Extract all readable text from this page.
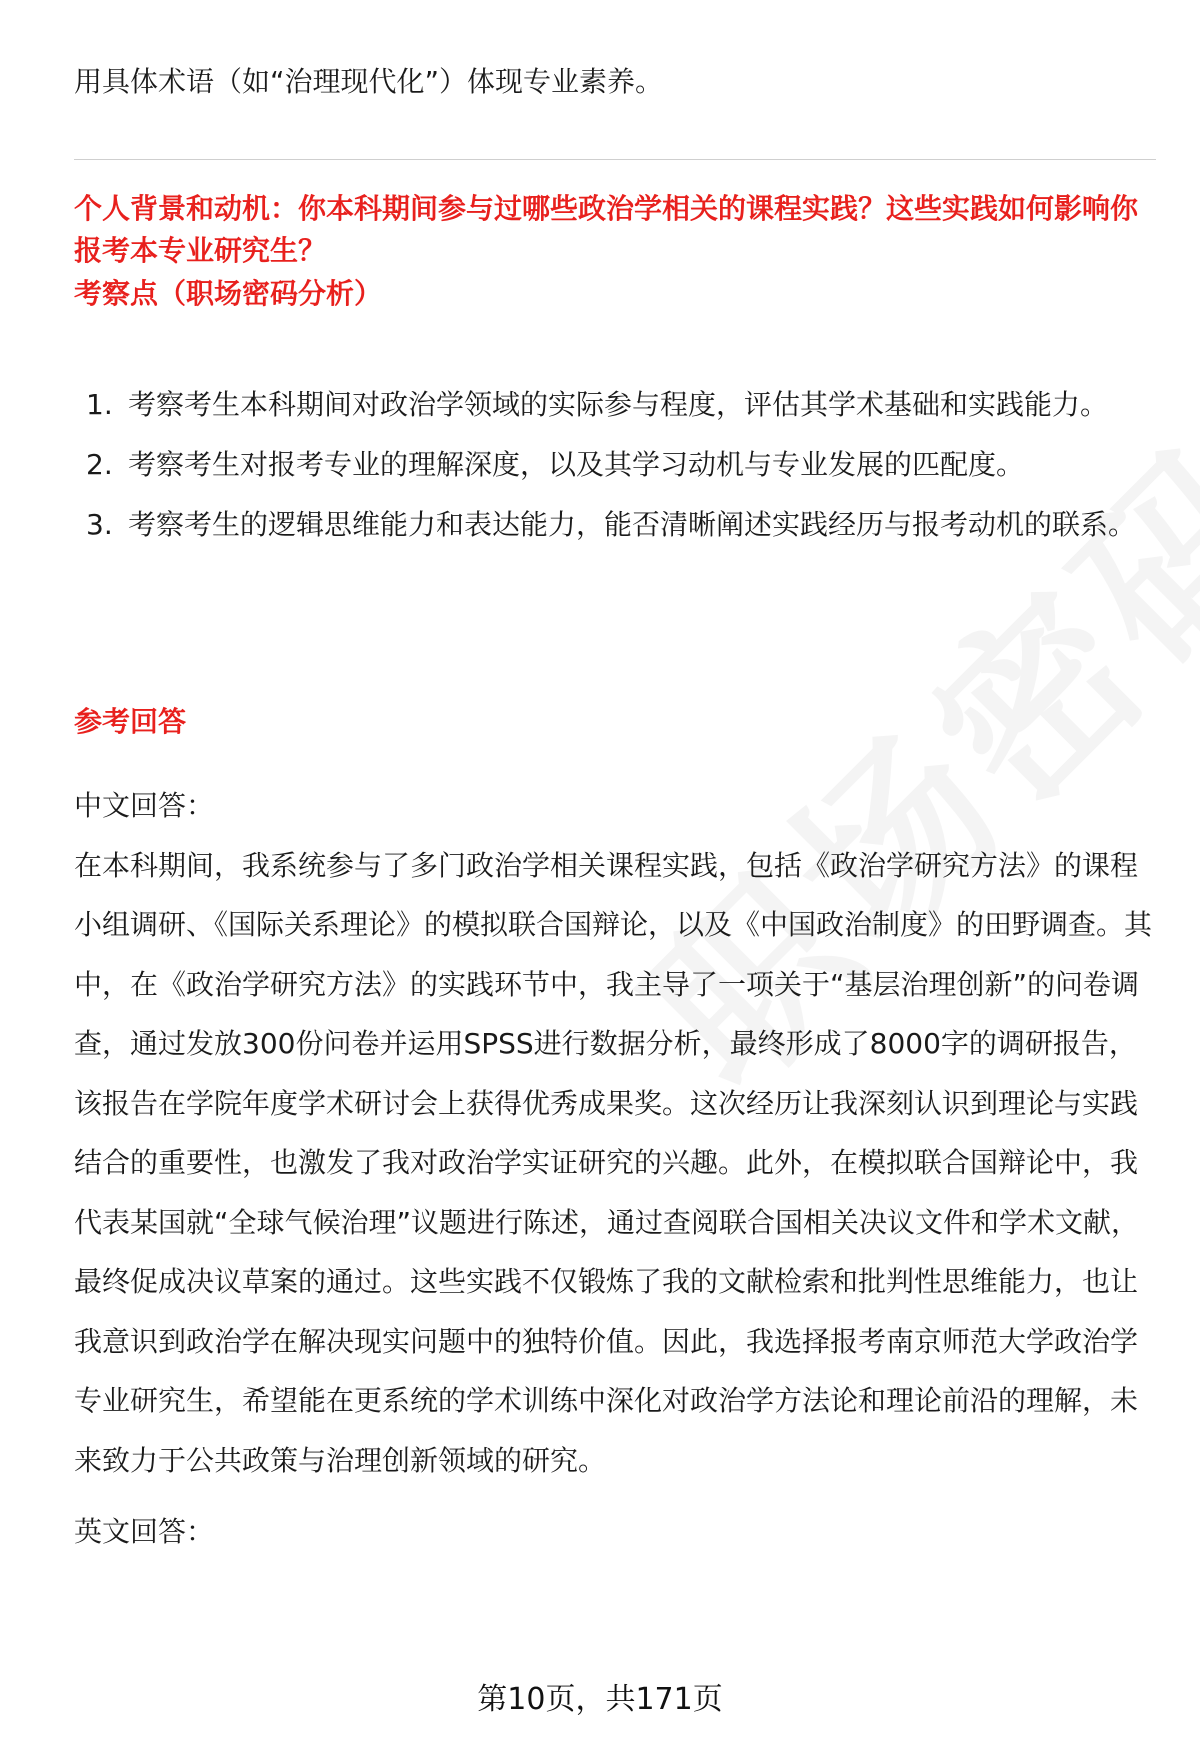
用具体术语（如“治理现代化”）体现专业素养。

个人背景和动机：你本科期间参与过哪些政治学相关的课程实践？这些实践如何影响你报考本专业研究生？

考察点（职场密码分析）

1. 考察考生本科期间对政治学领域的实际参与程度，评估其学术基础和实践能力。
2. 考察考生对报考专业的理解深度，以及其学习动机与专业发展的匹配度。
3. 考察考生的逻辑思维能力和表达能力，能否清晰阐述实践经历与报考动机的联系。

参考回答

中文回答：

在本科期间，我系统参与了多门政治学相关课程实践，包括《政治学研究方法》的课程小组调研、《国际关系理论》的模拟联合国辩论，以及《中国政治制度》的田野调查。其中，在《政治学研究方法》的实践环节中，我主导了一项关于“基层治理创新”的问卷调查，通过发放300份问卷并运用SPSS进行数据分析，最终形成了8000字的调研报告，该报告在学院年度学术研讨会上获得优秀成果奖。这次经历让我深刻认识到理论与实践结合的重要性，也激发了我对政治学实证研究的兴趣。此外，在模拟联合国辩论中，我代表某国就“全球气候治理”议题进行陈述，通过查阅联合国相关决议文件和学术文献，最终促成决议草案的通过。这些实践不仅锻炼了我的文献检索和批判性思维能力，也让我意识到政治学在解决现实问题中的独特价值。因此，我选择报考南京师范大学政治学专业研究生，希望能在更系统的学术训练中深化对政治学方法论和理论前沿的理解，未来致力于公共政策与治理创新领域的研究。

英文回答：

第10页，共171页
